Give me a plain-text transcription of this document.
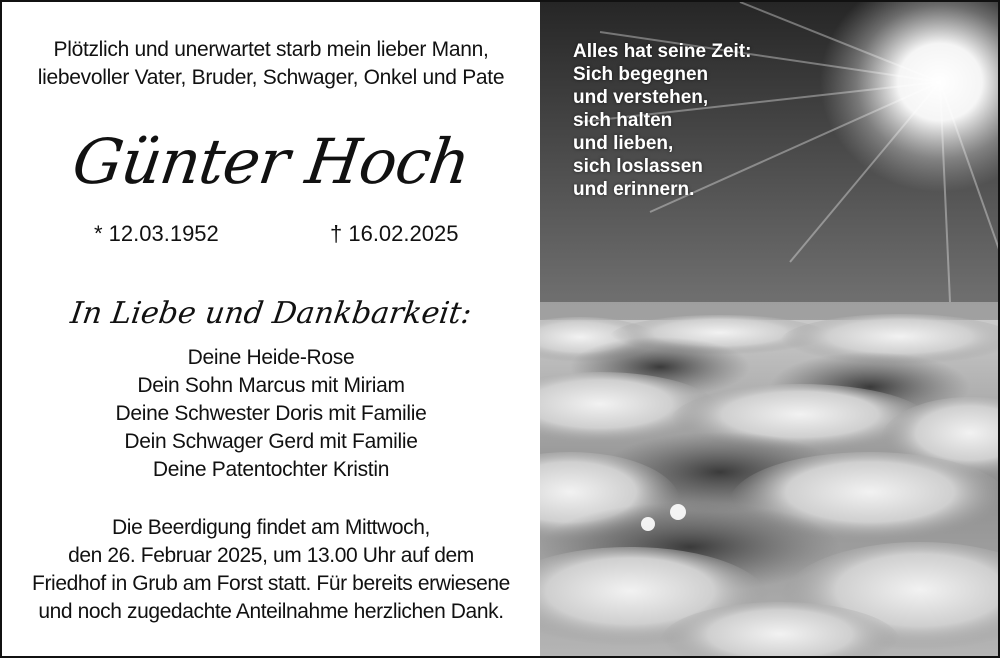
Plötzlich und unerwartet starb mein lieber Mann,
liebevoller Vater, Bruder, Schwager, Onkel und Pate
Günter Hoch
* 12.03.1952	† 16.02.2025
In Liebe und Dankbarkeit:
Deine Heide-Rose
Dein Sohn Marcus mit Miriam
Deine Schwester Doris mit Familie
Dein Schwager Gerd mit Familie
Deine Patentochter Kristin
Die Beerdigung findet am Mittwoch,
den 26. Februar 2025, um 13.00 Uhr auf dem
Friedhof in Grub am Forst statt. Für bereits erwiesene
und noch zugedachte Anteilnahme herzlichen Dank.
Alles hat seine Zeit:
Sich begegnen
und verstehen,
sich halten
und lieben,
sich loslassen
und erinnern.
